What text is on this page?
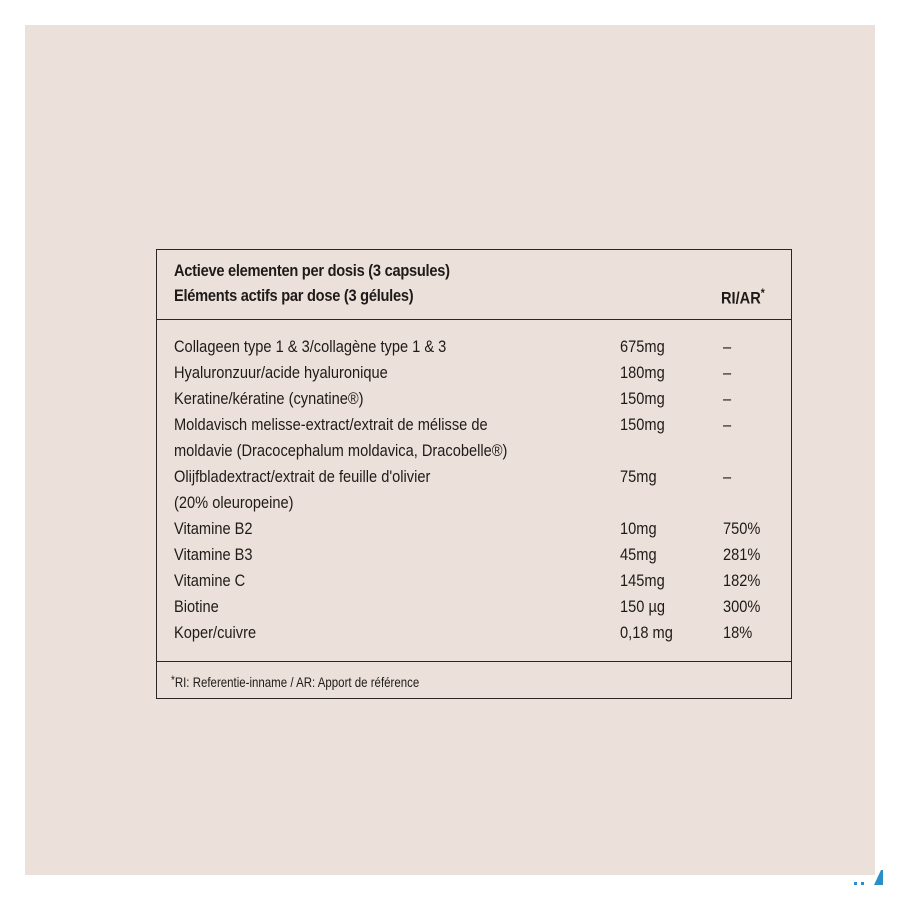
Actieve elementen per dosis (3 capsules)
Eléments actifs par dose (3 gélules)	RI/AR*
Collageen type 1 & 3/collagène type 1 & 3	675mg	–
Hyaluronzuur/acide hyaluronique	180mg	–
Keratine/kératine (cynatine®)	150mg	–
Moldavisch melisse-extract/extrait de mélisse de
moldavie (Dracocephalum moldavica, Dracobelle®)
150mg	–
Olijfbladextract/extrait de feuille d'olivier
(20% oleuropeine)
75mg	–
Vitamine B2	10mg	750%
Vitamine B3	45mg	281%
Vitamine C	145mg	182%
Biotine	150 µg	300%
Koper/cuivre	0,18 mg	18%
*RI: Referentie-inname / AR: Apport de référence
